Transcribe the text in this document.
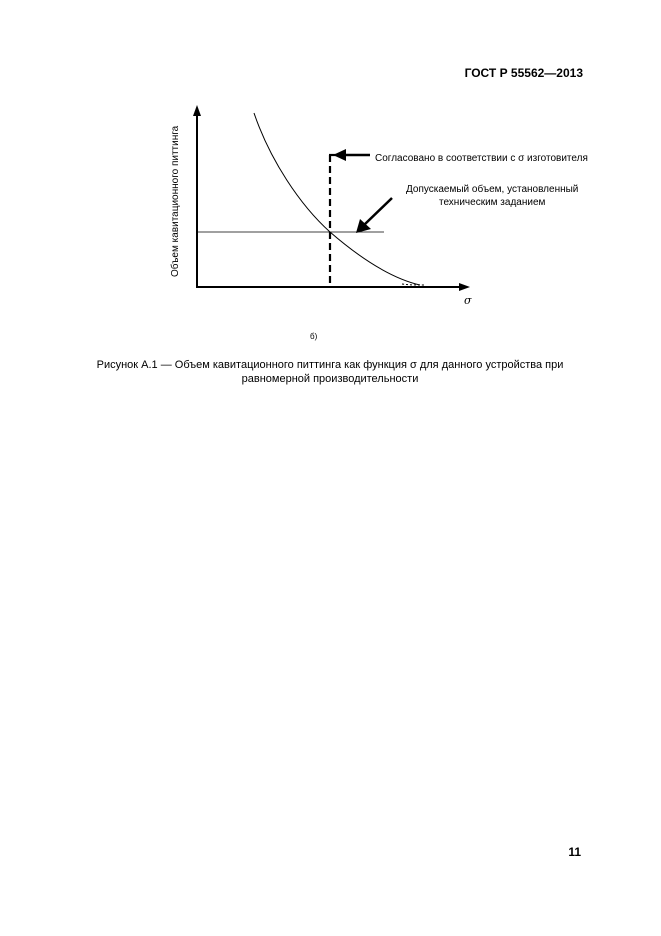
ГОСТ Р 55562—2013
Объем кавитационного питтинга
σ
Согласовано в соответствии с σ изготовителя
Допускаемый объем, установленный
техническим заданием
б)
Рисунок А.1 — Объем кавитационного питтинга как функция σ для данного устройства при
равномерной производительности
11
